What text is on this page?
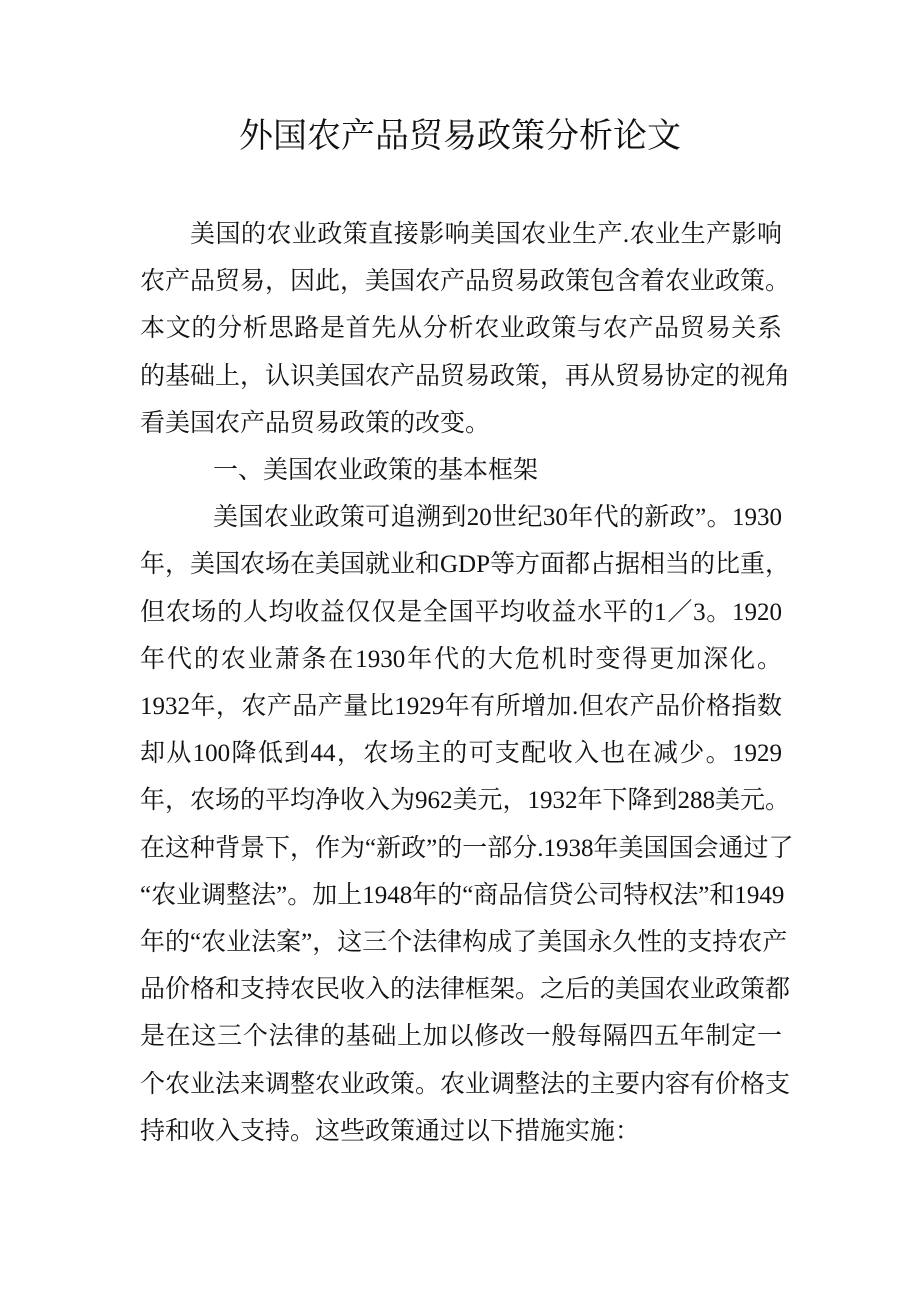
外国农产品贸易政策分析论文
美国的农业政策直接影响美国农业生产.农业生产影响
农产品贸易，因此，美国农产品贸易政策包含着农业政策。
本文的分析思路是首先从分析农业政策与农产品贸易关系
的基础上，认识美国农产品贸易政策，再从贸易协定的视角
看美国农产品贸易政策的改变。
一、美国农业政策的基本框架
美国农业政策可追溯到20世纪30年代的新政”。1930
年，美国农场在美国就业和GDP等方面都占据相当的比重，
但农场的人均收益仅仅是全国平均收益水平的1／3。1920
年代的农业萧条在1930年代的大危机时变得更加深化。
1932年，农产品产量比1929年有所增加.但农产品价格指数
却从100降低到44，农场主的可支配收入也在减少。1929
年，农场的平均净收入为962美元，1932年下降到288美元。
在这种背景下，作为“新政”的一部分.1938年美国国会通过了
“农业调整法”。加上1948年的“商品信贷公司特权法”和1949
年的“农业法案”，这三个法律构成了美国永久性的支持农产
品价格和支持农民收入的法律框架。之后的美国农业政策都
是在这三个法律的基础上加以修改一般每隔四五年制定一
个农业法来调整农业政策。农业调整法的主要内容有价格支
持和收入支持。这些政策通过以下措施实施：
